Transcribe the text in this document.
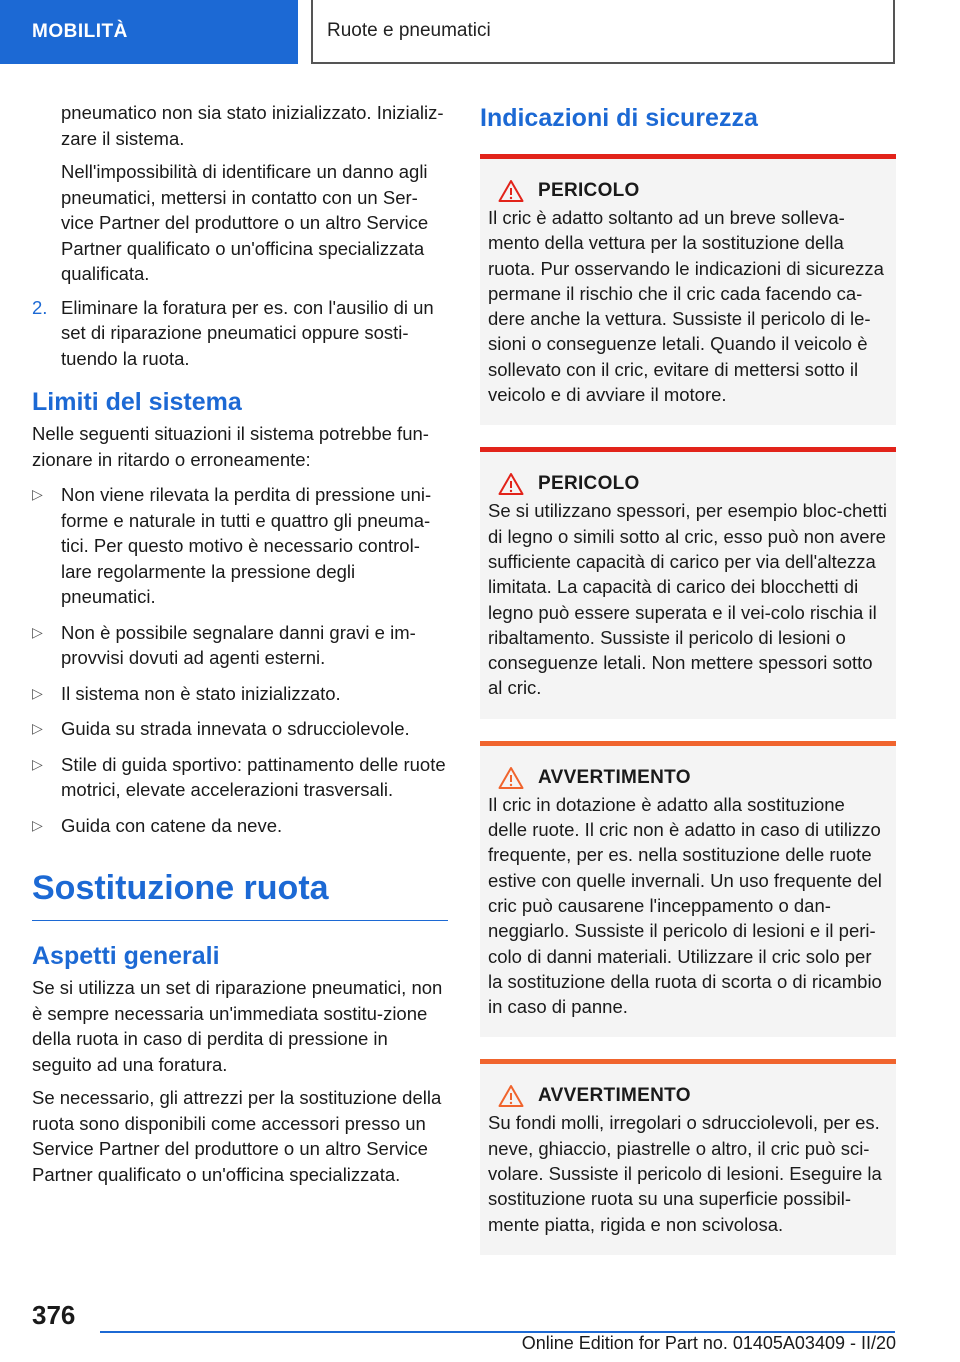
MOBILITÀ	Ruote e pneumatici

pneumatico non sia stato inizializzato. Inizializ-zare il sistema.

Nell'impossibilità di identificare un danno agli pneumatici, mettersi in contatto con un Ser-vice Partner del produttore o un altro Service Partner qualificato o un'officina specializzata qualificata.

2. Eliminare la foratura per es. con l'ausilio di un set di riparazione pneumatici oppure sosti-tuendo la ruota.

Limiti del sistema

Nelle seguenti situazioni il sistema potrebbe fun-zionare in ritardo o erroneamente:

▷ Non viene rilevata la perdita di pressione uni-forme e naturale in tutti e quattro gli pneuma-tici. Per questo motivo è necessario control-lare regolarmente la pressione degli pneumatici.

▷ Non è possibile segnalare danni gravi e im-provvisi dovuti ad agenti esterni.

▷ Il sistema non è stato inizializzato.

▷ Guida su strada innevata o sdrucciolevole.

▷ Stile di guida sportivo: pattinamento delle ruote motrici, elevate accelerazioni trasversali.

▷ Guida con catene da neve.

Sostituzione ruota
Aspetti generali

Se si utilizza un set di riparazione pneumatici, non è sempre necessaria un'immediata sostitu-zione della ruota in caso di perdita di pressione in seguito ad una foratura.

Se necessario, gli attrezzi per la sostituzione della ruota sono disponibili come accessori presso un Service Partner del produttore o un altro Service Partner qualificato o un'officina specializzata.

Indicazioni di sicurezza
PERICOLO

Il cric è adatto soltanto ad un breve solleva-mento della vettura per la sostituzione della ruota. Pur osservando le indicazioni di sicurezza permane il rischio che il cric cada facendo ca-dere anche la vettura. Sussiste il pericolo di le-sioni o conseguenze letali. Quando il veicolo è sollevato con il cric, evitare di mettersi sotto il veicolo e di avviare il motore.

PERICOLO

Se si utilizzano spessori, per esempio bloc-chetti di legno o simili sotto al cric, esso può non avere sufficiente capacità di carico per via dell'altezza limitata. La capacità di carico dei blocchetti di legno può essere superata e il vei-colo rischia il ribaltamento. Sussiste il pericolo di lesioni o conseguenze letali. Non mettere spessori sotto al cric.

AVVERTIMENTO

Il cric in dotazione è adatto alla sostituzione delle ruote. Il cric non è adatto in caso di utilizzo frequente, per es. nella sostituzione delle ruote estive con quelle invernali. Un uso frequente del cric può causarene l'inceppamento o dan-neggiarlo. Sussiste il pericolo di lesioni e il peri-colo di danni materiali. Utilizzare il cric solo per la sostituzione della ruota di scorta o di ricambio in caso di panne.

AVVERTIMENTO

Su fondi molli, irregolari o sdrucciolevoli, per es. neve, ghiaccio, piastrelle o altro, il cric può sci-volare. Sussiste il pericolo di lesioni. Eseguire la sostituzione ruota su una superficie possibil-mente piatta, rigida e non scivolosa.

376
Online Edition for Part no. 01405A03409 - II/20
